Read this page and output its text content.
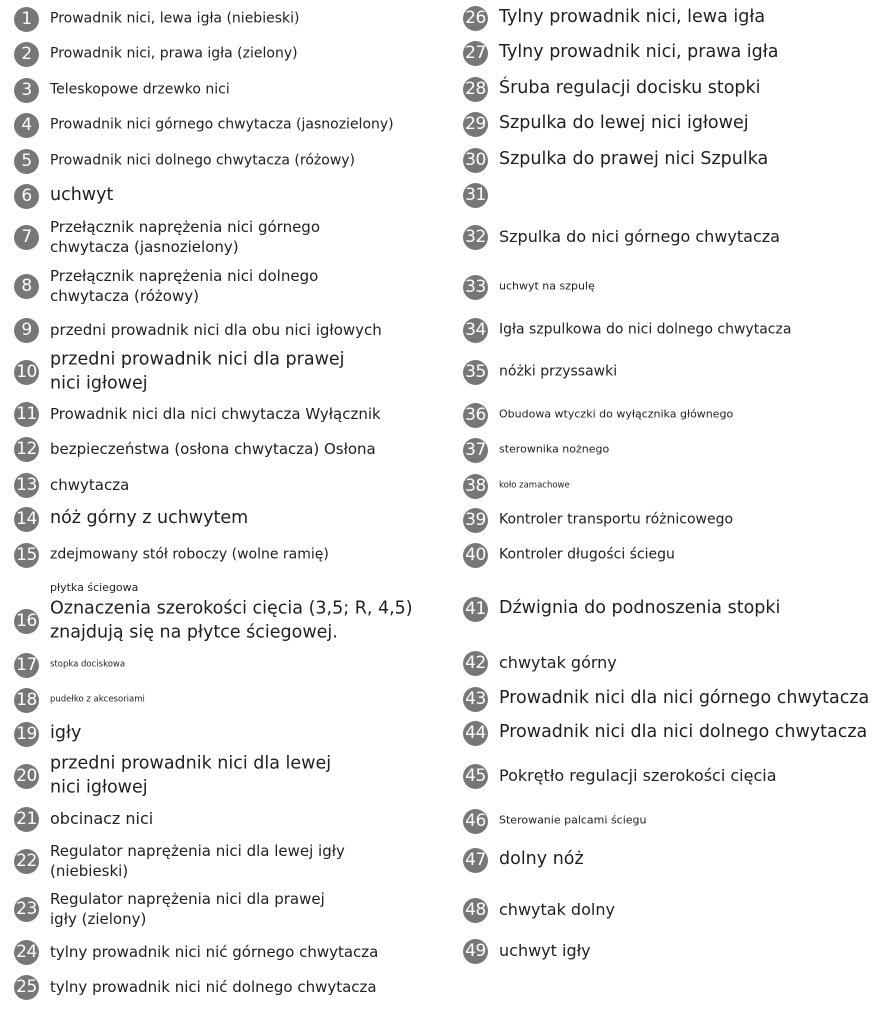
1	Prowadnik nici, lewa igła (niebieski)
2	Prowadnik nici, prawa igła (zielony)
3	Teleskopowe drzewko nici
4	Prowadnik nici górnego chwytacza (jasnozielony)
5	Prowadnik nici dolnego chwytacza (różowy)
6	uchwyt
7	Przełącznik naprężenia nici górnego
chwytacza (jasnozielony)
8	Przełącznik naprężenia nici dolnego
chwytacza (różowy)
9	przedni prowadnik nici dla obu nici igłowych
10
przedni prowadnik nici dla prawej
nici igłowej
11 Prowadnik nici dla nici chwytacza Wyłącznik
12 bezpieczeństwa (osłona chwytacza) Osłona
13 chwytacza
14 nóż górny z uchwytem
15 zdejmowany stół roboczy (wolne ramię)
płytka ściegowa
16
Oznaczenia szerokości cięcia (3,5; R, 4,5)
znajdują się na płytce ściegowej.
17 stopka dociskowa
18 pudełko z akcesoriami
19 igły
20
przedni prowadnik nici dla lewej
nici igłowej
21 obcinacz nici
22 Regulator naprężenia nici dla lewej igły
(niebieski)
23 Regulator naprężenia nici dla prawej
igły (zielony)
24 tylny prowadnik nici nić górnego chwytacza
25 tylny prowadnik nici nić dolnego chwytacza
26 Tylny prowadnik nici, lewa igła
27 Tylny prowadnik nici, prawa igła
28 Śruba regulacji docisku stopki
29 Szpulka do lewej nici igłowej
30 Szpulka do prawej nici Szpulka
31
32 Szpulka do nici górnego chwytacza
33 uchwyt na szpulę
34 Igła szpulkowa do nici dolnego chwytacza
35 nóżki przyssawki
36 Obudowa wtyczki do wyłącznika głównego
37 sterownika nożnego
38 koło zamachowe
39 Kontroler transportu różnicowego
40 Kontroler długości ściegu
41 Dźwignia do podnoszenia stopki
42 chwytak górny
43 Prowadnik nici dla nici górnego chwytacza
44 Prowadnik nici dla nici dolnego chwytacza
45 Pokrętło regulacji szerokości cięcia
46 Sterowanie palcami ściegu
47 dolny nóż
48 chwytak dolny
49 uchwyt igły
